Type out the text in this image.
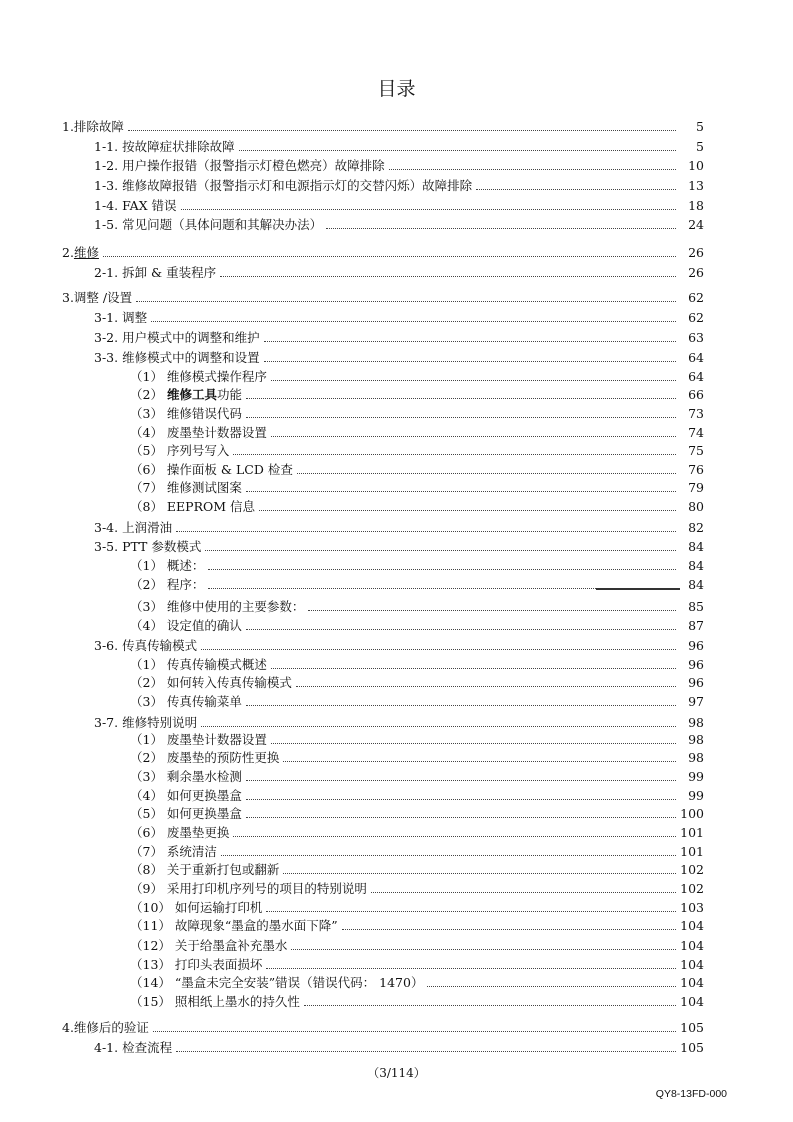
目录
1.排除故障	5
1-1. 按故障症状排除故障	5
1-2. 用户操作报错（报警指示灯橙色燃亮）故障排除	10
1-3. 维修故障报错（报警指示灯和电源指示灯的交替闪烁）故障排除	13
1-4. FAX 错误	18
1-5. 常见问题（具体问题和其解决办法）	24
2.维修	26
2-1. 拆卸 & 重装程序	26
3.调整 /设置	62
3-1. 调整	62
3-2. 用户模式中的调整和维护	63
3-3. 维修模式中的调整和设置	64
（1） 维修模式操作程序	64
（2） 维修工具功能	66
（3） 维修错误代码	73
（4） 废墨垫计数器设置	74
（5） 序列号写入	75
（6） 操作面板 & LCD 检查	76
（7） 维修测试图案	79
（8） EEPROM 信息	80
3-4. 上润滑油	82
3-5. PTT 参数模式	84
（1） 概述：	84
（2） 程序：	84
（3） 维修中使用的主要参数：	85
（4） 设定值的确认	87
3-6. 传真传输模式	96
（1） 传真传输模式概述	96
（2） 如何转入传真传输模式	96
（3） 传真传输菜单	97
3-7. 维修特别说明	98
（1） 废墨垫计数器设置	98
（2） 废墨垫的预防性更换	98
（3） 剩余墨水检测	99
（4） 如何更换墨盒	99
（5） 如何更换墨盒	100
（6） 废墨垫更换	101
（7） 系统清洁	101
（8） 关于重新打包或翻新	102
（9） 采用打印机序列号的项目的特别说明	102
（10） 如何运输打印机	103
（11） 故障现象“墨盒的墨水面下降”	104
（12） 关于给墨盒补充墨水	104
（13） 打印头表面损坏	104
（14） “墨盒未完全安装”错误（错误代码： 1470）	104
（15） 照相纸上墨水的持久性	104
4.维修后的验证	105
4-1. 检查流程	105
（3/114）
QY8-13FD-000
